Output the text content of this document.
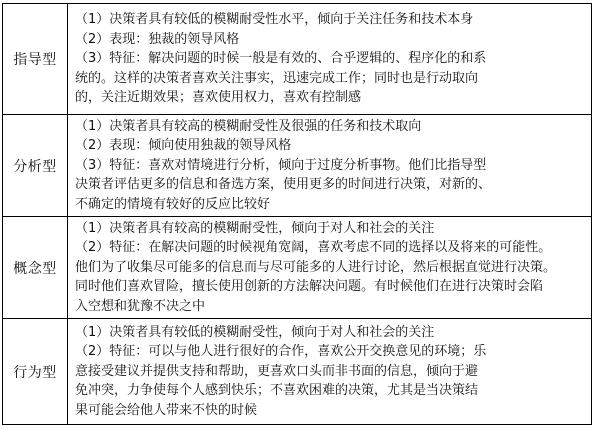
指导型	（1）决策者具有较低的模糊耐受性水平，倾向于关注任务和技术本身
（2）表现：独裁的领导风格
（3）特征：解决问题的时候一般是有效的、合乎逻辑的、程序化的和系
统的。这样的决策者喜欢关注事实，迅速完成工作；同时也是行动取向
的，关注近期效果；喜欢使用权力，喜欢有控制感

分析型	（1）决策者具有较高的模糊耐受性及很强的任务和技术取向
（2）表现：倾向使用独裁的领导风格
（3）特征：喜欢对情境进行分析，倾向于过度分析事物。他们比指导型
决策者评估更多的信息和备选方案，使用更多的时间进行决策，对新的、
不确定的情境有较好的反应比较好

概念型	（1）决策者具有较高的模糊耐受性，倾向于对人和社会的关注
（2）特征：在解决问题的时候视角宽阔，喜欢考虑不同的选择以及将来的可能性。
他们为了收集尽可能多的信息而与尽可能多的人进行讨论，然后根据直觉进行决策。
同时他们喜欢冒险，擅长使用创新的方法解决问题。有时候他们在进行决策时会陷
入空想和犹豫不决之中

行为型	（1）决策者具有较低的模糊耐受性，倾向于对人和社会的关注
（2）特征：可以与他人进行很好的合作，喜欢公开交换意见的环境；乐
意接受建议并提供支持和帮助，更喜欢口头而非书面的信息，倾向于避
免冲突，力争使每个人感到快乐；不喜欢困难的决策，尤其是当决策结
果可能会给他人带来不快的时候
